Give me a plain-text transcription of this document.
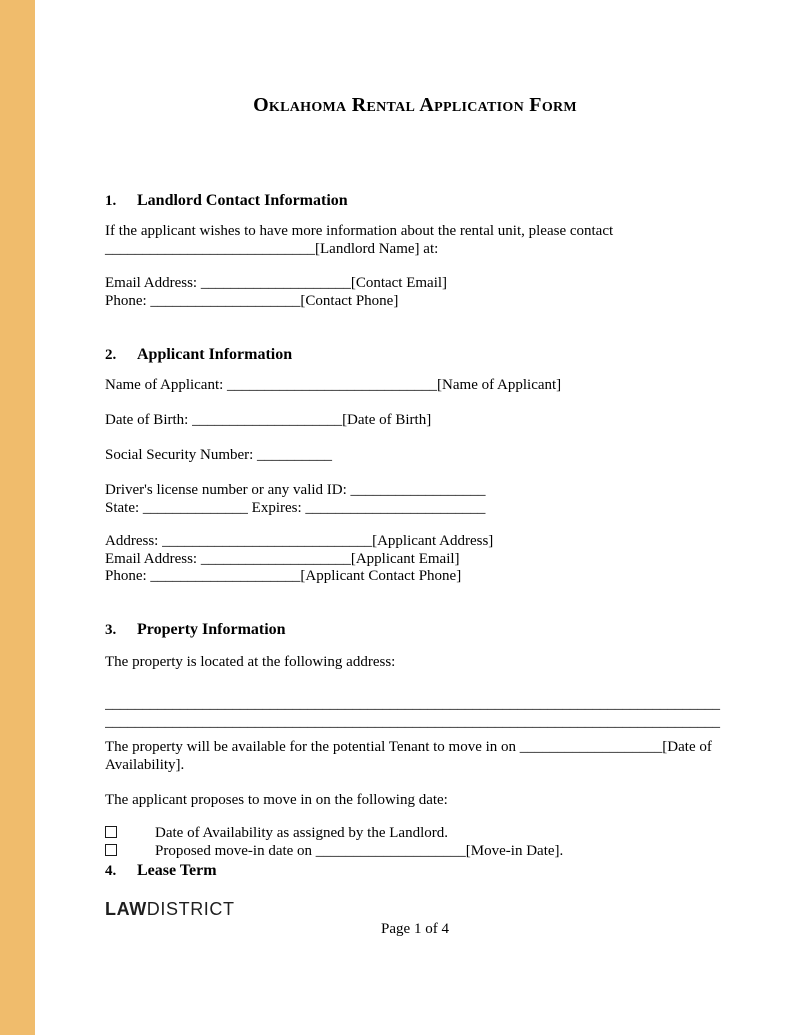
Oklahoma Rental Application Form
1. Landlord Contact Information
If the applicant wishes to have more information about the rental unit, please contact
____________________________[Landlord Name] at:
Email Address: ____________________[Contact Email]
Phone: ____________________[Contact Phone]
2. Applicant Information
Name of Applicant: ____________________________[Name of Applicant]
Date of Birth: ____________________[Date of Birth]
Social Security Number: __________
Driver's license number or any valid ID: __________________
State: ______________ Expires: ________________________
Address: ____________________________[Applicant Address]
Email Address: ____________________[Applicant Email]
Phone: ____________________[Applicant Contact Phone]
3. Property Information
The property is located at the following address:
__________________________________________________________________________________
__________________________________________________________________________________
The property will be available for the potential Tenant to move in on ___________________[Date of
Availability].
The applicant proposes to move in on the following date:
Date of Availability as assigned by the Landlord.
Proposed move-in date on ____________________[Move-in Date].
4. Lease Term
LAWDISTRICT
Page 1 of 4
